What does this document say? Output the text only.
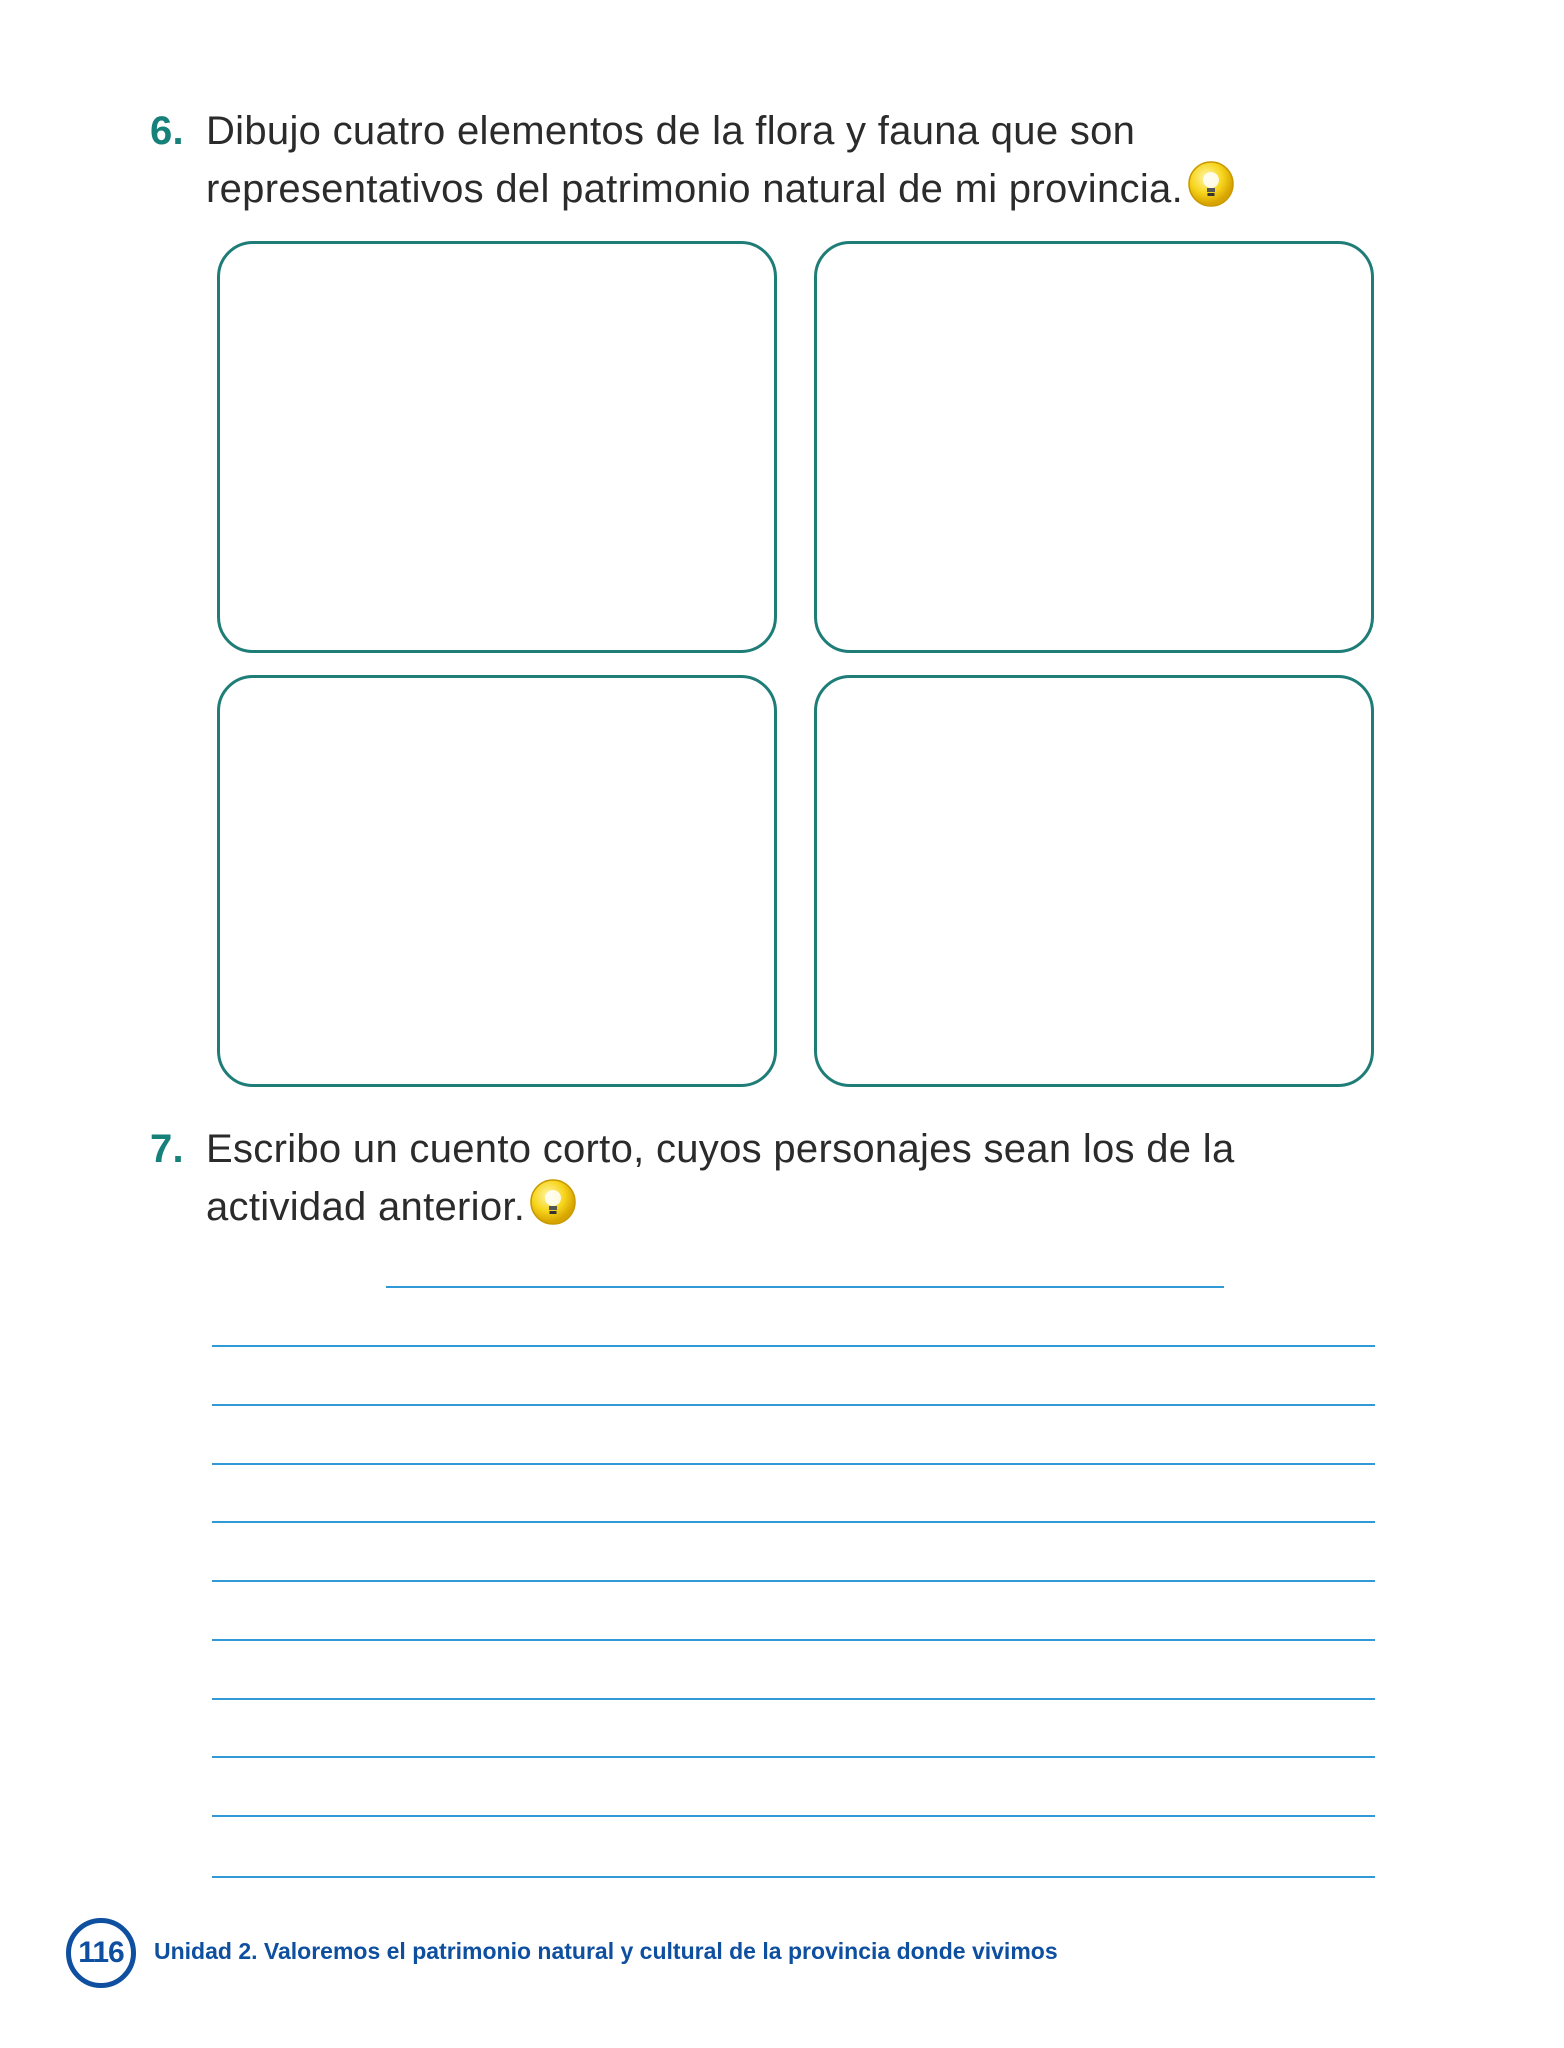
6. Dibujo cuatro elementos de la flora y fauna que son representativos del patrimonio natural de mi provincia.
7. Escribo un cuento corto, cuyos personajes sean los de la actividad anterior.
116	Unidad 2. Valoremos el patrimonio natural y cultural de la provincia donde vivimos
